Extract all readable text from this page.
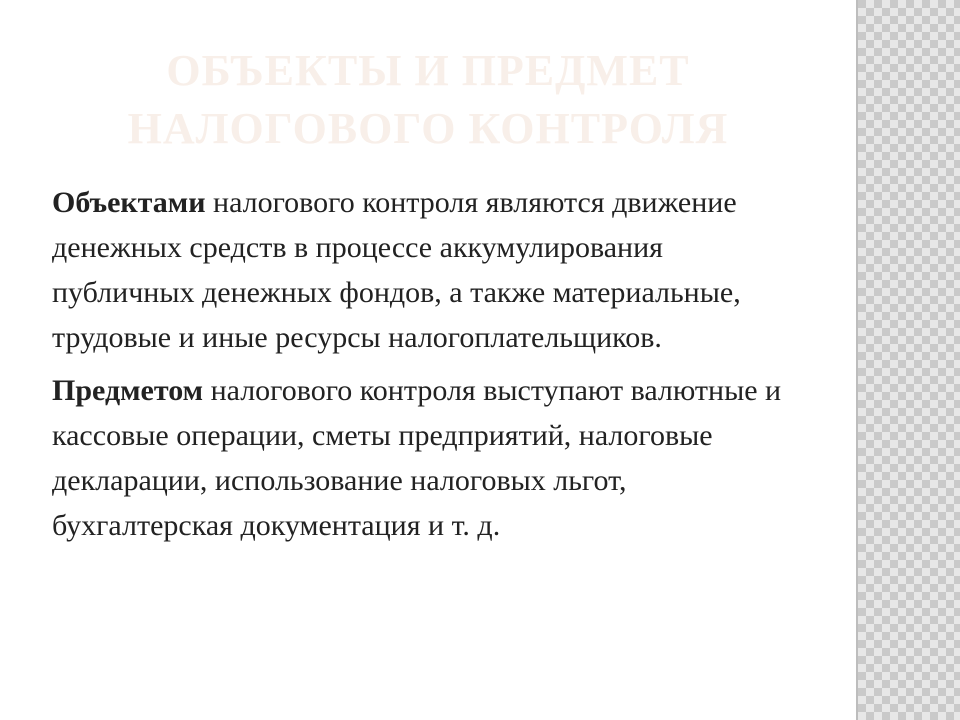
ОБЪЕКТЫ И ПРЕДМЕТ
НАЛОГОВОГО КОНТРОЛЯ

Объектами налогового контроля являются движение денежных средств в процессе аккумулирования публичных денежных фондов, а также материальные, трудовые и иные ресурсы налогоплательщиков.

Предметом налогового контроля выступают валютные и кассовые операции, сметы предприятий, налоговые декларации, использование налоговых льгот, бухгалтерская документация и т. д.
